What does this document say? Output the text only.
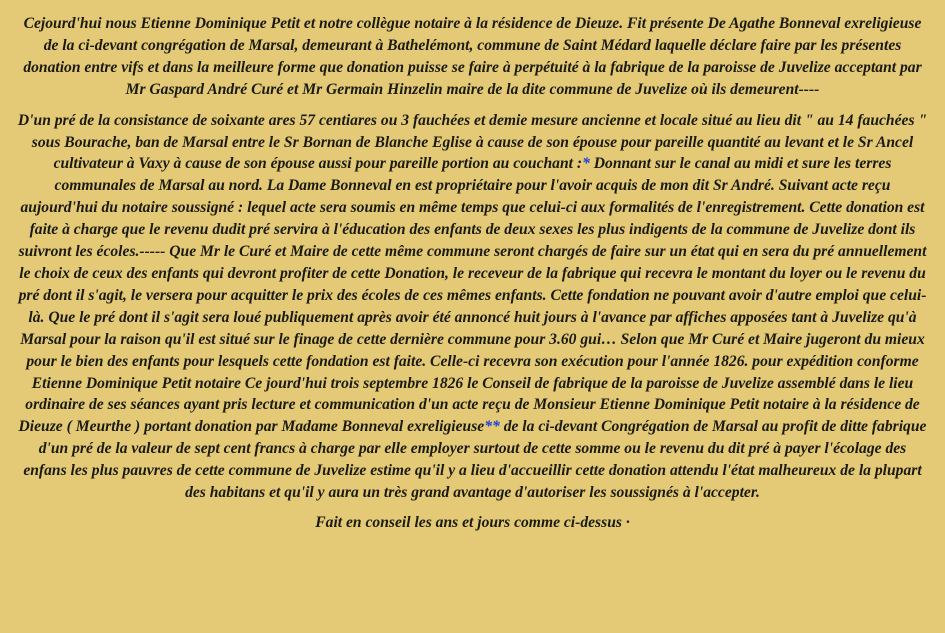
Cejourd'hui nous Etienne Dominique Petit et notre collègue notaire à la résidence de Dieuze. Fit présente De Agathe Bonneval exreligieuse de la ci-devant congrégation de Marsal, demeurant à Bathelémont, commune de Saint Médard laquelle déclare faire par les présentes donation entre vifs et dans la meilleure forme que donation puisse se faire à perpétuité à la fabrique de la paroisse de Juvelize acceptant par Mr Gaspard André Curé et Mr Germain Hinzelin maire de la dite commune de Juvelize où ils demeurent----

D'un pré de la consistance de soixante ares 57 centiares ou 3 fauchées et demie mesure ancienne et locale situé au lieu dit " au 14 fauchées " sous Bourache, ban de Marsal entre le Sr Bornan de Blanche Eglise à cause de son épouse pour pareille quantité au levant et le Sr Ancel cultivateur à Vaxy à cause de son épouse aussi pour pareille portion au couchant :* Donnant sur le canal au midi et sure les terres communales de Marsal au nord. La Dame Bonneval en est propriétaire pour l'avoir acquis de mon dit Sr André. Suivant acte reçu aujourd'hui du notaire soussigné : lequel acte sera soumis en même temps que celui-ci aux formalités de l'enregistrement. Cette donation est faite à charge que le revenu dudit pré servira à l'éducation des enfants de deux sexes les plus indigents de la commune de Juvelize dont ils suivront les écoles.----- Que Mr le Curé et Maire de cette même commune seront chargés de faire sur un état qui en sera du pré annuellement le choix de ceux des enfants qui devront profiter de cette Donation, le receveur de la fabrique qui recevra le montant du loyer ou le revenu du pré dont il s'agit, le versera pour acquitter le prix des écoles de ces mêmes enfants. Cette fondation ne pouvant avoir d'autre emploi que celui-là. Que le pré dont il s'agit sera loué publiquement après avoir été annoncé huit jours à l'avance par affiches apposées tant à Juvelize qu'à Marsal pour la raison qu'il est situé sur le finage de cette dernière commune pour 3.60 gui… Selon que Mr Curé et Maire jugeront du mieux pour le bien des enfants pour lesquels cette fondation est faite. Celle-ci recevra son exécution pour l'année 1826. pour expédition conforme Etienne Dominique Petit notaire Ce jourd'hui trois septembre 1826 le Conseil de fabrique de la paroisse de Juvelize assemblé dans le lieu ordinaire de ses séances ayant pris lecture et communication d'un acte reçu de Monsieur Etienne Dominique Petit notaire à la résidence de Dieuze ( Meurthe ) portant donation par Madame Bonneval exreligieuse** de la ci-devant Congrégation de Marsal au profit de ditte fabrique d'un pré de la valeur de sept cent francs à charge par elle employer surtout de cette somme ou le revenu du dit pré à payer l'écolage des enfans les plus pauvres de cette commune de Juvelize estime qu'il y a lieu d'accueillir cette donation attendu l'état malheureux de la plupart des habitans et qu'il y aura un très grand avantage d'autoriser les soussignés à l'accepter.

Fait en conseil les ans et jours comme ci-dessus ·
